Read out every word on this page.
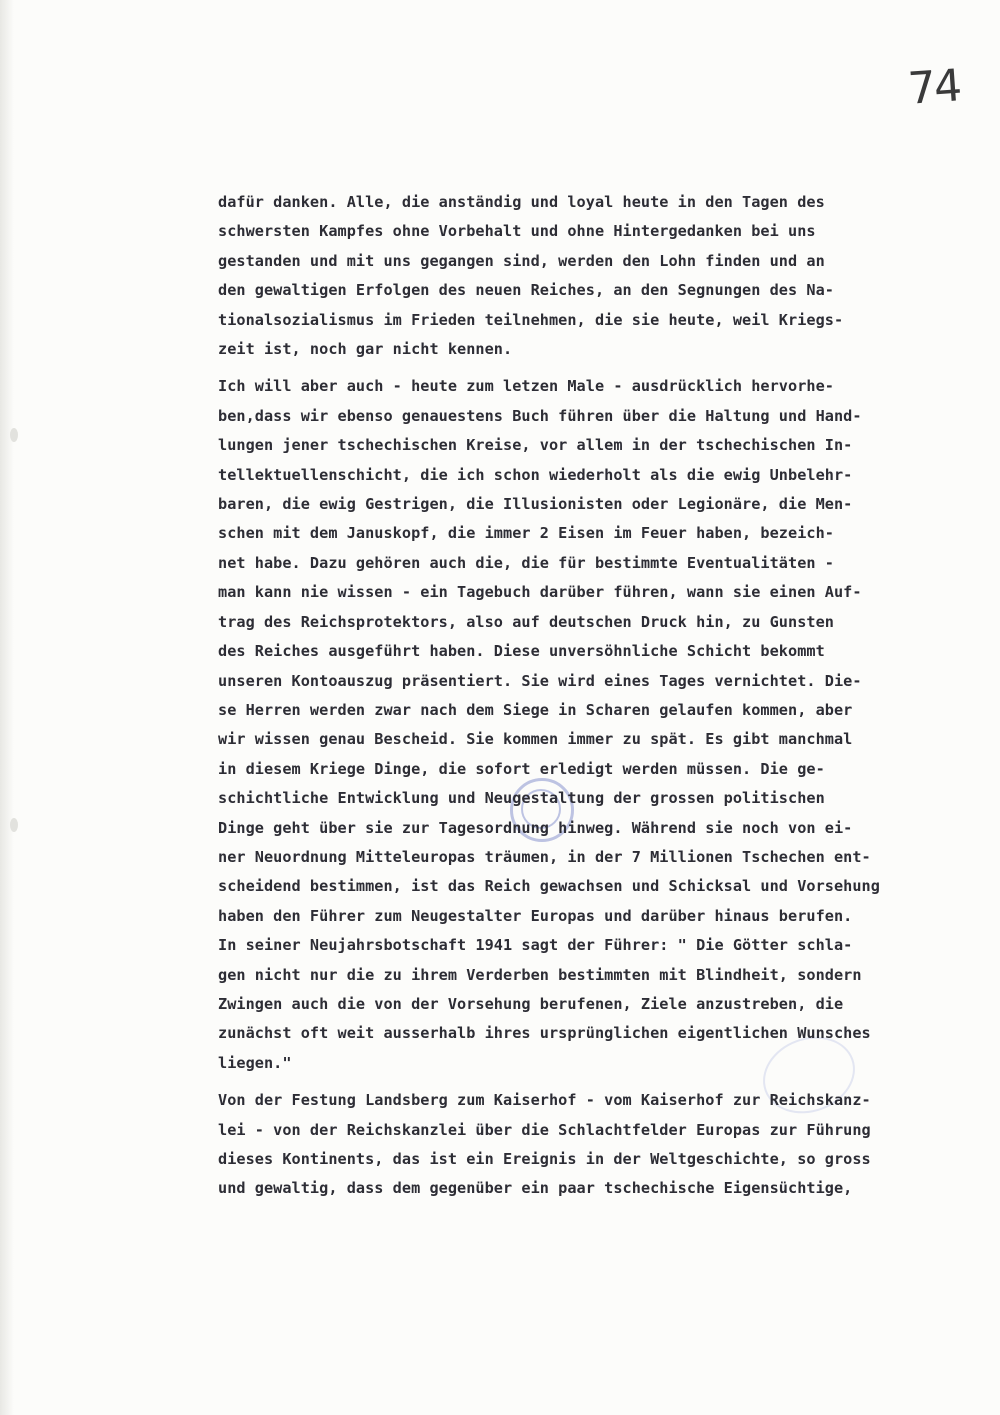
74
dafür danken. Alle, die anständig und loyal heute in den Tagen des
schwersten Kampfes ohne Vorbehalt und ohne Hintergedanken bei uns
gestanden und mit uns gegangen sind, werden den Lohn finden und an
den gewaltigen Erfolgen des neuen Reiches, an den Segnungen des Na-
tionalsozialismus im Frieden teilnehmen, die sie heute, weil Kriegs-
zeit ist, noch gar nicht kennen.
Ich will aber auch - heute zum letzen Male - ausdrücklich hervorhe-
ben,dass wir ebenso genauestens Buch führen über die Haltung und Hand-
lungen jener tschechischen Kreise, vor allem in der tschechischen In-
tellektuellenschicht, die ich schon wiederholt als die ewig Unbelehr-
baren, die ewig Gestrigen, die Illusionisten oder Legionäre, die Men-
schen mit dem Januskopf, die immer 2 Eisen im Feuer haben, bezeich-
net habe. Dazu gehören auch die, die für bestimmte Eventualitäten -
man kann nie wissen - ein Tagebuch darüber führen, wann sie einen Auf-
trag des Reichsprotektors, also auf deutschen Druck hin, zu Gunsten
des Reiches ausgeführt haben. Diese unversöhnliche Schicht bekommt
unseren Kontoauszug präsentiert. Sie wird eines Tages vernichtet. Die-
se Herren werden zwar nach dem Siege in Scharen gelaufen kommen, aber
wir wissen genau Bescheid. Sie kommen immer zu spät. Es gibt manchmal
in diesem Kriege Dinge, die sofort erledigt werden müssen. Die ge-
schichtliche Entwicklung und Neugestaltung der grossen politischen
Dinge geht über sie zur Tagesordnung hinweg. Während sie noch von ei-
ner Neuordnung Mitteleuropas träumen, in der 7 Millionen Tschechen ent-
scheidend bestimmen, ist das Reich gewachsen und Schicksal und Vorsehung
haben den Führer zum Neugestalter Europas und darüber hinaus berufen.
In seiner Neujahrsbotschaft 1941 sagt der Führer: " Die Götter schla-
gen nicht nur die zu ihrem Verderben bestimmten mit Blindheit, sondern
Zwingen auch die von der Vorsehung berufenen, Ziele anzustreben, die
zunächst oft weit ausserhalb ihres ursprünglichen eigentlichen Wunsches
liegen."
Von der Festung Landsberg zum Kaiserhof - vom Kaiserhof zur Reichskanz-
lei - von der Reichskanzlei über die Schlachtfelder Europas zur Führung
dieses Kontinents, das ist ein Ereignis in der Weltgeschichte, so gross
und gewaltig, dass dem gegenüber ein paar tschechische Eigensüchtige,
